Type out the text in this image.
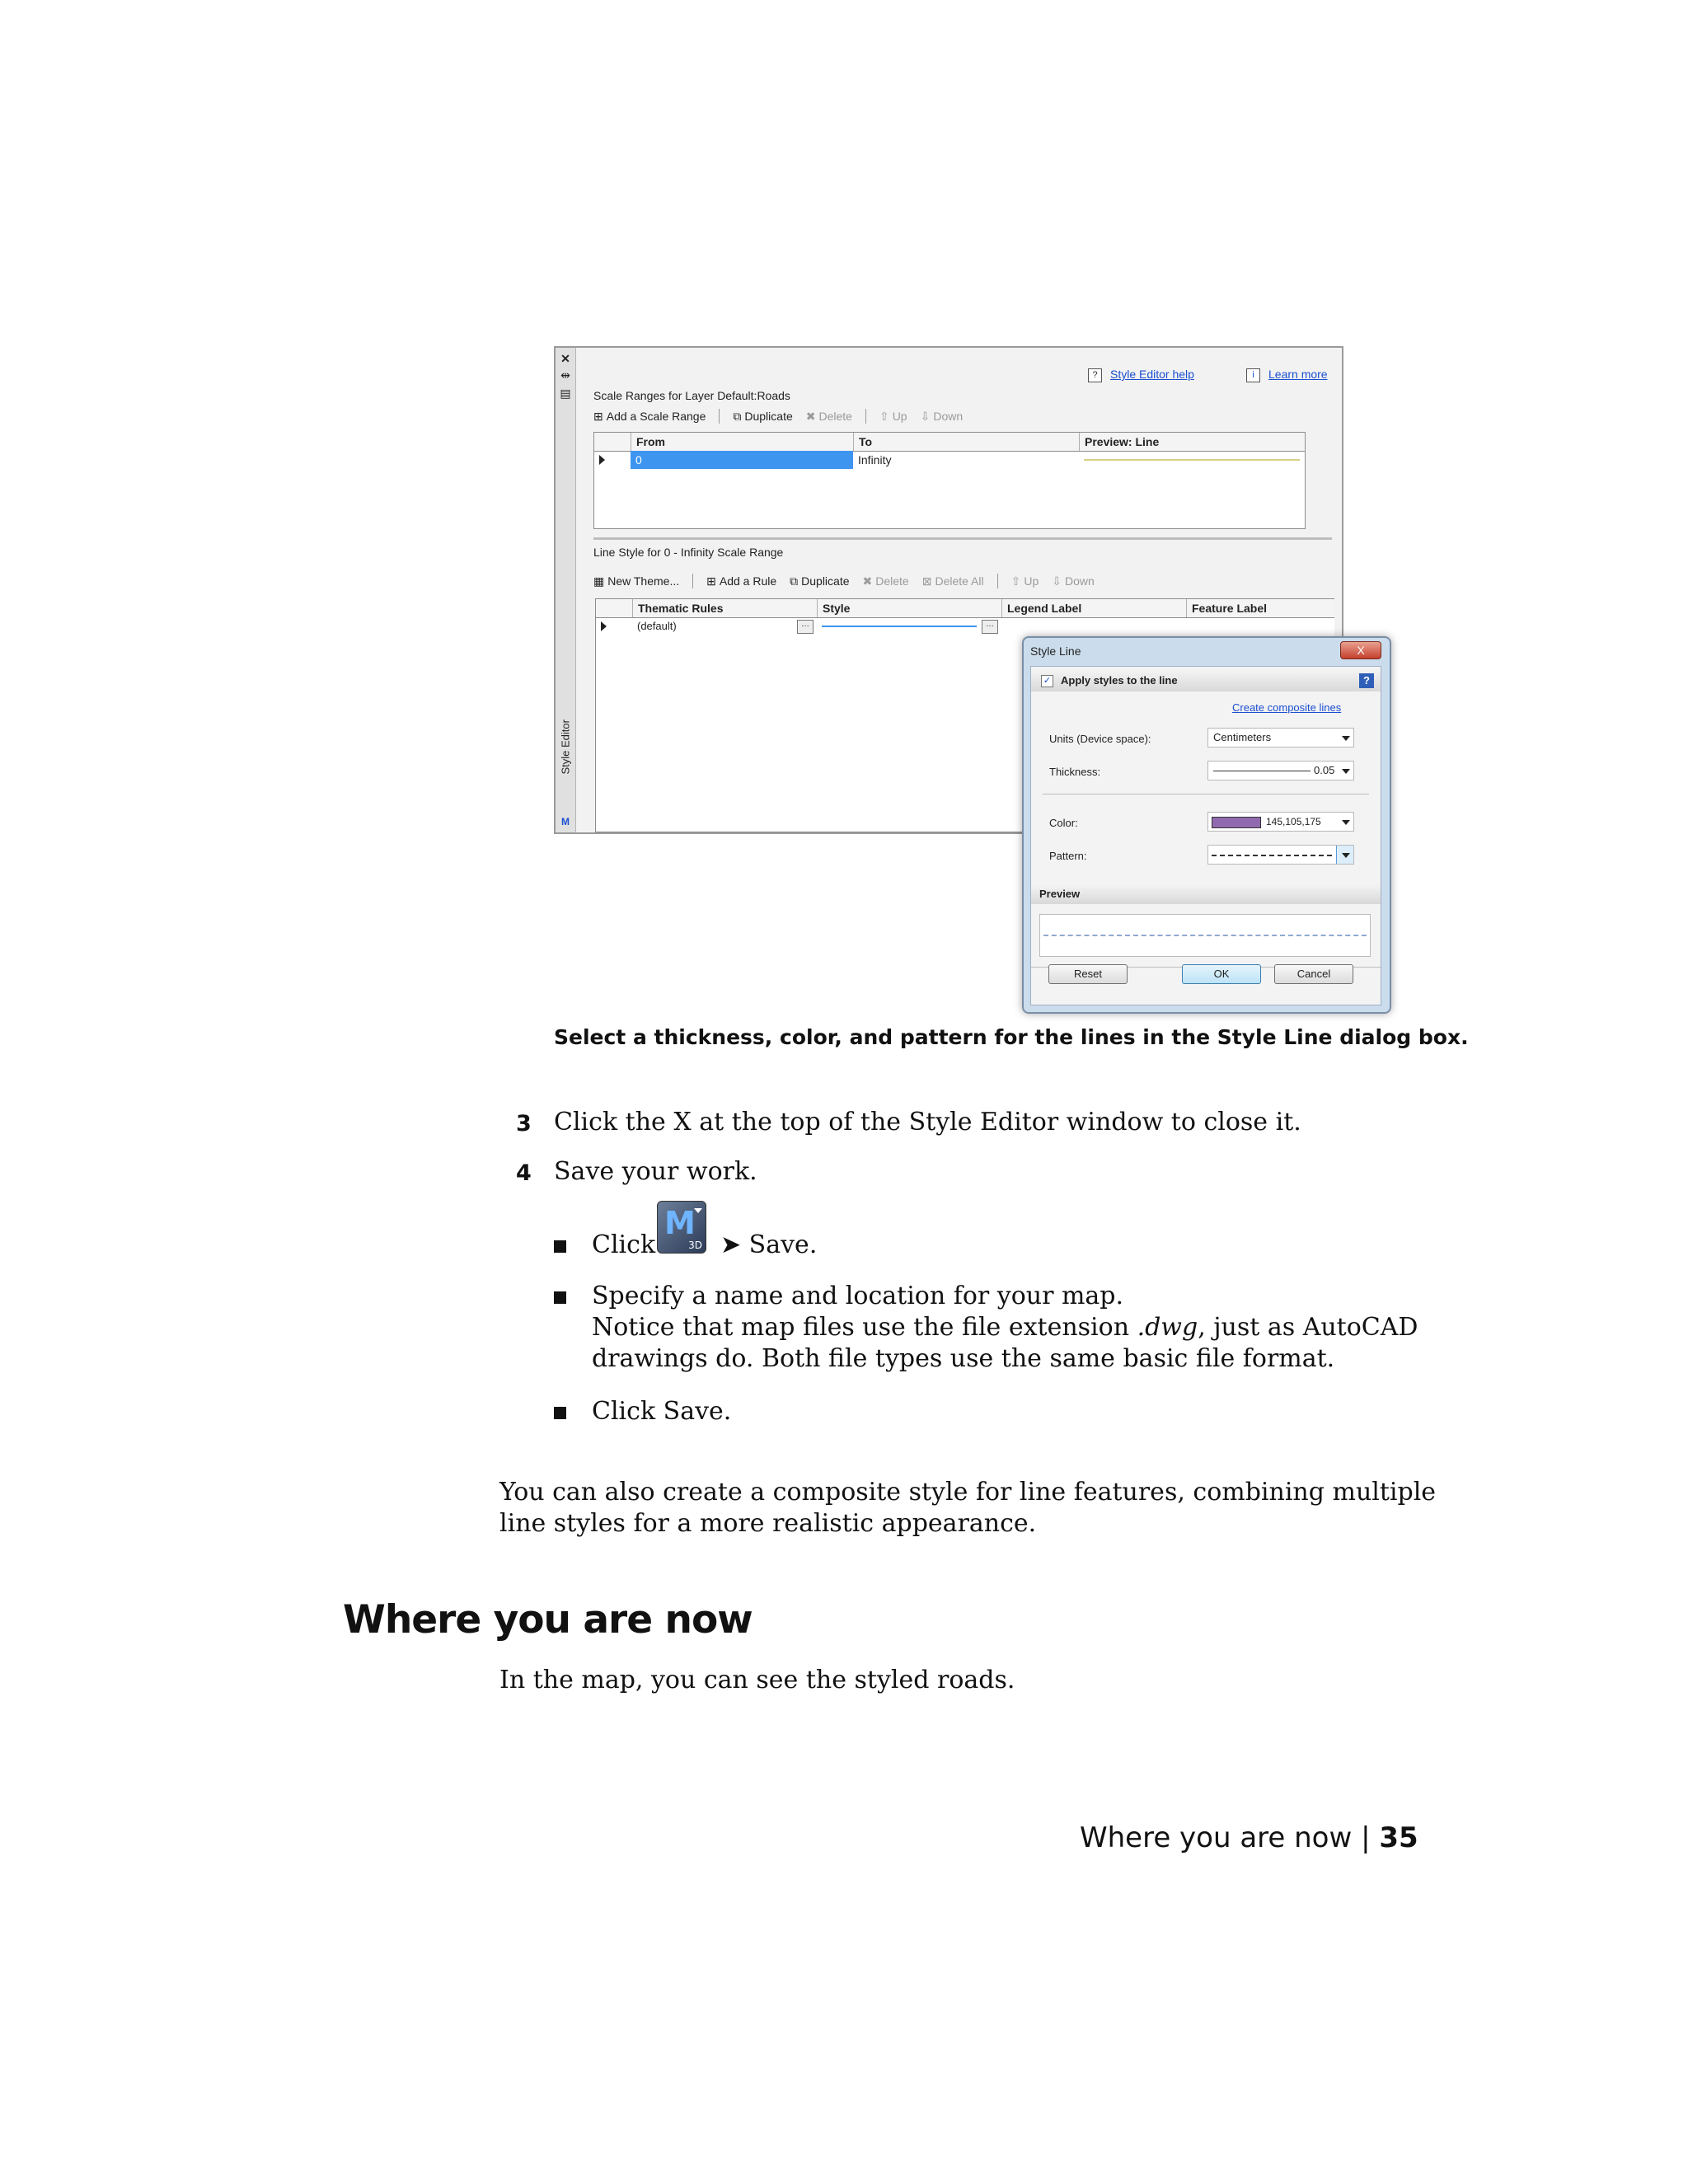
✕
⇹
▤
Style Editor
M
? Style Editor help	i Learn more
Scale Ranges for Layer Default:Roads
⊞ Add a Scale Range ⧉ Duplicate ✖ Delete ⇧ Up ⇩ Down
From	To	Preview: Line
0	Infinity
Line Style for 0 - Infinity Scale Range
▦ New Theme... ⊞ Add a Rule ⧉ Duplicate ✖ Delete ⊠ Delete All ⇧ Up ⇩ Down
Thematic Rules	Style	Legend Label	Feature Label
(default)	…	…
Style Line	X
✓ Apply styles to the line	?
Create composite lines
Units (Device space):	Centimeters
Thickness:	0.05
Color:	145,105,175
Pattern:
Preview
Reset	OK	Cancel
Select a thickness, color, and pattern for the lines in the Style Line dialog box.
3 Click the X at the top of the Style Editor window to close it.
4 Save your work.
Click
M
3D ➤ Save.
Specify a name and location for your map.
Notice that map files use the file extension .dwg, just as AutoCAD
drawings do. Both file types use the same basic file format.
Click Save.
You can also create a composite style for line features, combining multiple
line styles for a more realistic appearance.
Where you are now
In the map, you can see the styled roads.
Where you are now | 35
